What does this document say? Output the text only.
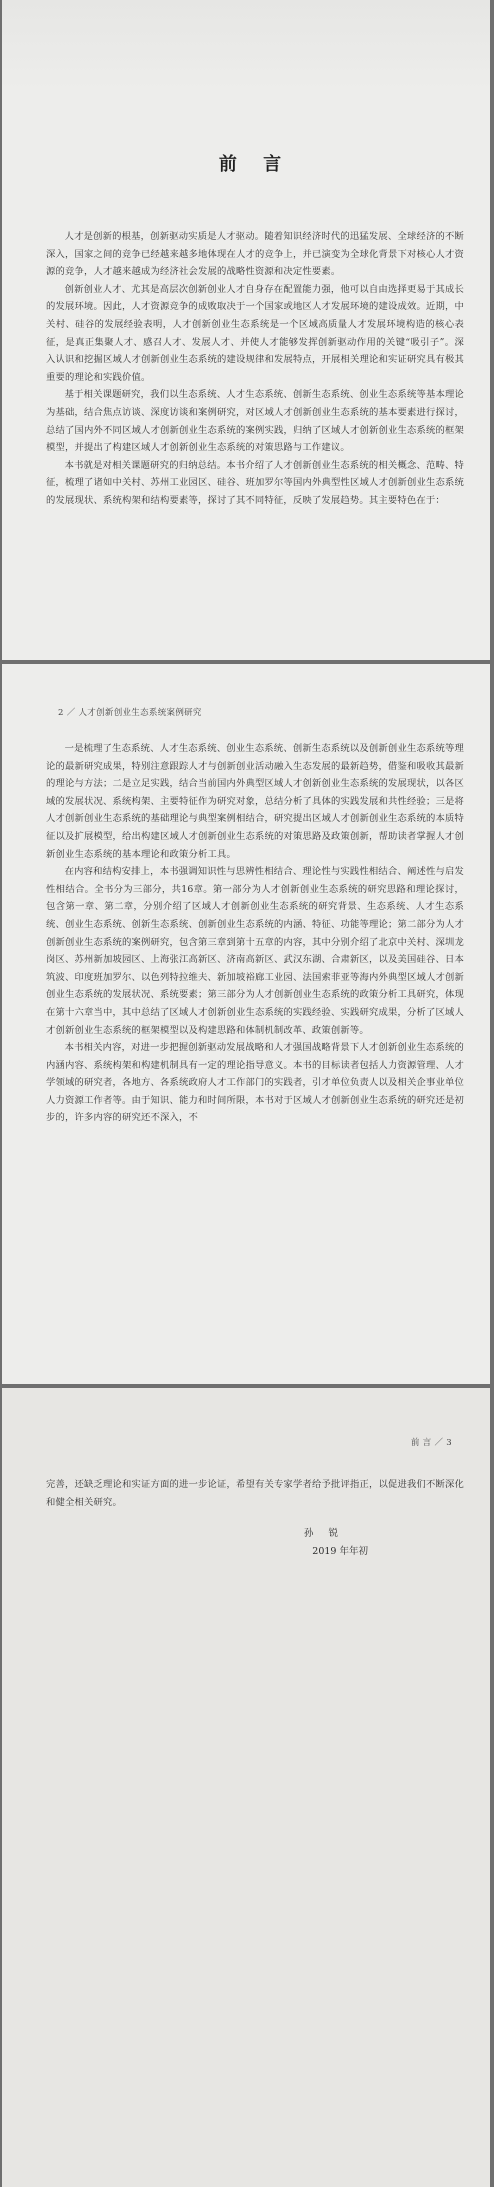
前 言

人才是创新的根基，创新驱动实质是人才驱动。随着知识经济时代的迅猛发展、全球经济的不断深入，国家之间的竞争已经越来越多地体现在人才的竞争上，并已演变为全球化背景下对核心人才资源的竞争，人才越来越成为经济社会发展的战略性资源和决定性要素。

创新创业人才、尤其是高层次创新创业人才自身存在配置能力强，他可以自由选择更易于其成长的发展环境。因此，人才资源竞争的成败取决于一个国家或地区人才发展环境的建设成效。近期，中关村、硅谷的发展经验表明，人才创新创业生态系统是一个区域高质量人才发展环境构造的核心表征，是真正集聚人才、感召人才、发展人才、并使人才能够发挥创新驱动作用的关键“吸引子”。深入认识和挖掘区域人才创新创业生态系统的建设规律和发展特点，开展相关理论和实证研究具有极其重要的理论和实践价值。

基于相关课题研究，我们以生态系统、人才生态系统、创新生态系统、创业生态系统等基本理论为基础，结合焦点访谈、深度访谈和案例研究，对区域人才创新创业生态系统的基本要素进行探讨，总结了国内外不同区域人才创新创业生态系统的案例实践，归纳了区域人才创新创业生态系统的框架模型，并提出了构建区域人才创新创业生态系统的对策思路与工作建议。

本书就是对相关课题研究的归纳总结。本书介绍了人才创新创业生态系统的相关概念、范畴、特征，梳理了诸如中关村、苏州工业园区、硅谷、班加罗尔等国内外典型性区域人才创新创业生态系统的发展现状、系统构架和结构要素等，探讨了其不同特征，反映了发展趋势。其主要特色在于：

2 ／ 人才创新创业生态系统案例研究

一是梳理了生态系统、人才生态系统、创业生态系统、创新生态系统以及创新创业生态系统等理论的最新研究成果，特别注意跟踪人才与创新创业活动融入生态发展的最新趋势，借鉴和吸收其最新的理论与方法；二是立足实践，结合当前国内外典型区域人才创新创业生态系统的发展现状，以各区域的发展状况、系统构架、主要特征作为研究对象，总结分析了具体的实践发展和共性经验；三是将人才创新创业生态系统的基础理论与典型案例相结合，研究提出区域人才创新创业生态系统的本质特征以及扩展模型，给出构建区域人才创新创业生态系统的对策思路及政策创新，帮助读者掌握人才创新创业生态系统的基本理论和政策分析工具。

在内容和结构安排上，本书强调知识性与思辨性相结合、理论性与实践性相结合、阐述性与启发性相结合。全书分为三部分，共16章。第一部分为人才创新创业生态系统的研究思路和理论探讨，包含第一章、第二章，分别介绍了区域人才创新创业生态系统的研究背景、生态系统、人才生态系统、创业生态系统、创新生态系统、创新创业生态系统的内涵、特征、功能等理论；第二部分为人才创新创业生态系统的案例研究，包含第三章到第十五章的内容，其中分别介绍了北京中关村、深圳龙岗区、苏州新加坡园区、上海张江高新区、济南高新区、武汉东湖、合肃新区，以及美国硅谷、日本筑波、印度班加罗尔、以色列特拉维夫、新加坡裕廊工业园、法国索菲亚等海内外典型区域人才创新创业生态系统的发展状况、系统要素；第三部分为人才创新创业生态系统的政策分析工具研究，体现在第十六章当中，其中总结了区域人才创新创业生态系统的实践经验、实践研究成果，分析了区域人才创新创业生态系统的框架模型以及构建思路和体制机制改革、政策创新等。

本书相关内容，对进一步把握创新驱动发展战略和人才强国战略背景下人才创新创业生态系统的内涵内容、系统构架和构建机制具有一定的理论指导意义。本书的目标读者包括人力资源管理、人才学领域的研究者，各地方、各系统政府人才工作部门的实践者，引才单位负责人以及相关企事业单位人力资源工作者等。由于知识、能力和时间所限，本书对于区域人才创新创业生态系统的研究还是初步的，许多内容的研究还不深入，不

前 言 ／ 3

完善，还缺乏理论和实证方面的进一步论证，希望有关专家学者给予批评指正，以促进我们不断深化和健全相关研究。

孙 锐
2019 年年初
